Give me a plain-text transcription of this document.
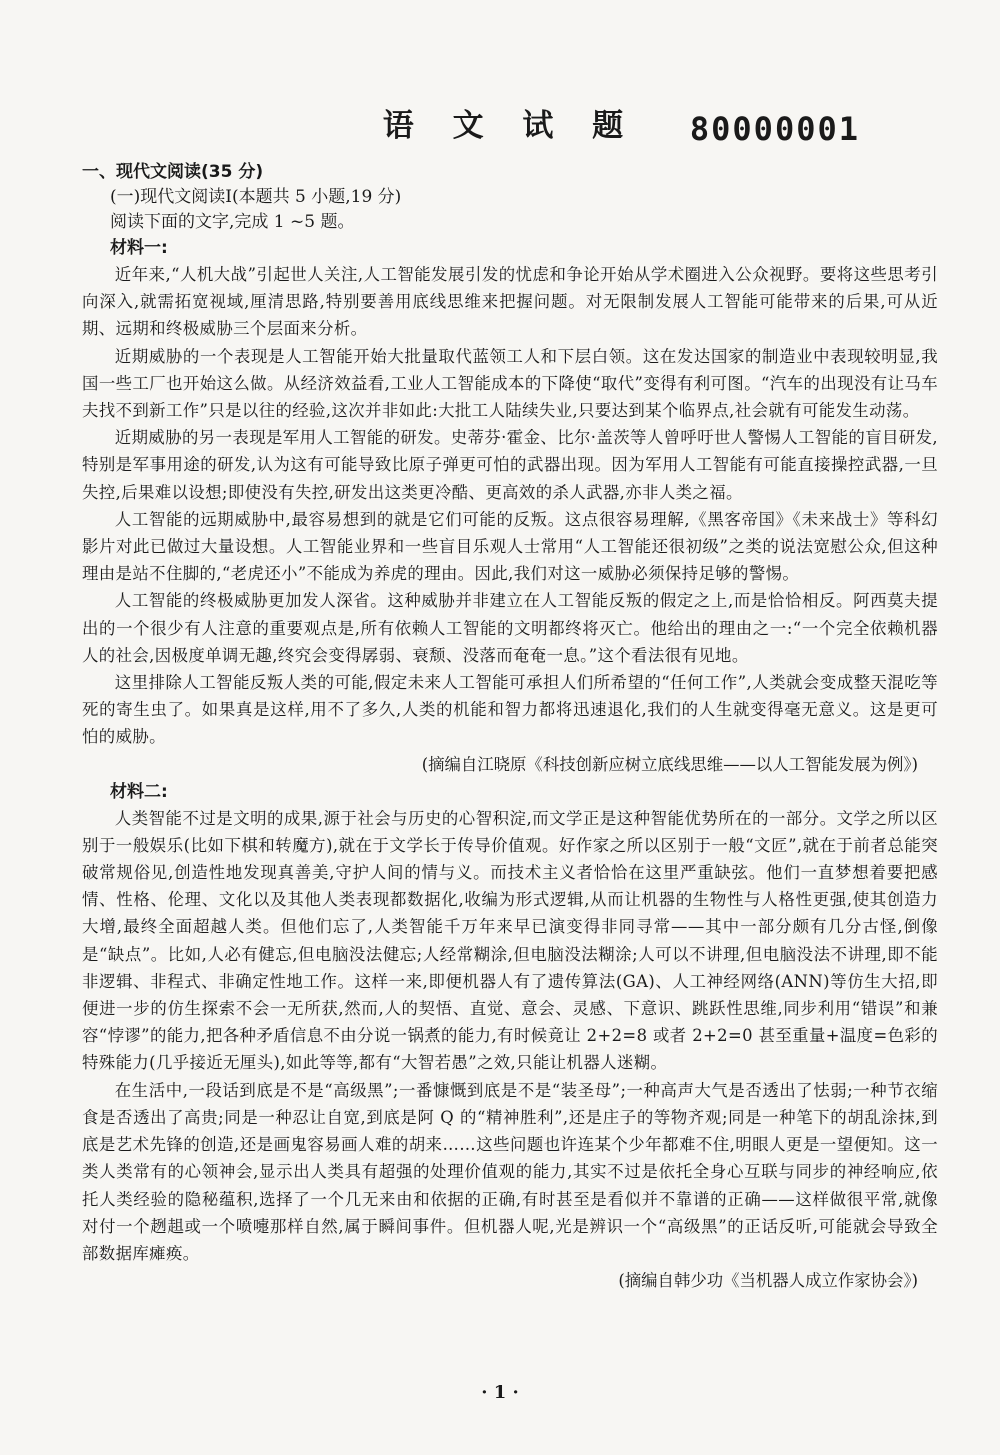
语 文 试 题	80000001

一、现代文阅读(35 分)

(一)现代文阅读Ⅰ(本题共 5 小题,19 分)

阅读下面的文字,完成 1 ~5 题。

材料一:

近年来,“人机大战”引起世人关注,人工智能发展引发的忧虑和争论开始从学术圈进入公众视野。要将这些思考引向深入,就需拓宽视域,厘清思路,特别要善用底线思维来把握问题。对无限制发展人工智能可能带来的后果,可从近期、远期和终极威胁三个层面来分析。

近期威胁的一个表现是人工智能开始大批量取代蓝领工人和下层白领。这在发达国家的制造业中表现较明显,我国一些工厂也开始这么做。从经济效益看,工业人工智能成本的下降使“取代”变得有利可图。“汽车的出现没有让马车夫找不到新工作”只是以往的经验,这次并非如此:大批工人陆续失业,只要达到某个临界点,社会就有可能发生动荡。

近期威胁的另一表现是军用人工智能的研发。史蒂芬·霍金、比尔·盖茨等人曾呼吁世人警惕人工智能的盲目研发,特别是军事用途的研发,认为这有可能导致比原子弹更可怕的武器出现。因为军用人工智能有可能直接操控武器,一旦失控,后果难以设想;即使没有失控,研发出这类更冷酷、更高效的杀人武器,亦非人类之福。

人工智能的远期威胁中,最容易想到的就是它们可能的反叛。这点很容易理解,《黑客帝国》《未来战士》等科幻影片对此已做过大量设想。人工智能业界和一些盲目乐观人士常用“人工智能还很初级”之类的说法宽慰公众,但这种理由是站不住脚的,“老虎还小”不能成为养虎的理由。因此,我们对这一威胁必须保持足够的警惕。

人工智能的终极威胁更加发人深省。这种威胁并非建立在人工智能反叛的假定之上,而是恰恰相反。阿西莫夫提出的一个很少有人注意的重要观点是,所有依赖人工智能的文明都终将灭亡。他给出的理由之一:“一个完全依赖机器人的社会,因极度单调无趣,终究会变得孱弱、衰颓、没落而奄奄一息。”这个看法很有见地。

这里排除人工智能反叛人类的可能,假定未来人工智能可承担人们所希望的“任何工作”,人类就会变成整天混吃等死的寄生虫了。如果真是这样,用不了多久,人类的机能和智力都将迅速退化,我们的人生就变得毫无意义。这是更可怕的威胁。

(摘编自江晓原《科技创新应树立底线思维——以人工智能发展为例》)

材料二:

人类智能不过是文明的成果,源于社会与历史的心智积淀,而文学正是这种智能优势所在的一部分。文学之所以区别于一般娱乐(比如下棋和转魔方),就在于文学长于传导价值观。好作家之所以区别于一般“文匠”,就在于前者总能突破常规俗见,创造性地发现真善美,守护人间的情与义。而技术主义者恰恰在这里严重缺弦。他们一直梦想着要把感情、性格、伦理、文化以及其他人类表现都数据化,收编为形式逻辑,从而让机器的生物性与人格性更强,使其创造力大增,最终全面超越人类。但他们忘了,人类智能千万年来早已演变得非同寻常——其中一部分颇有几分古怪,倒像是“缺点”。比如,人必有健忘,但电脑没法健忘;人经常糊涂,但电脑没法糊涂;人可以不讲理,但电脑没法不讲理,即不能非逻辑、非程式、非确定性地工作。这样一来,即便机器人有了遗传算法(GA)、人工神经网络(ANN)等仿生大招,即便进一步的仿生探索不会一无所获,然而,人的契悟、直觉、意会、灵感、下意识、跳跃性思维,同步利用“错误”和兼容“悖谬”的能力,把各种矛盾信息不由分说一锅煮的能力,有时候竟让 2+2=8 或者 2+2=0 甚至重量+温度=色彩的特殊能力(几乎接近无厘头),如此等等,都有“大智若愚”之效,只能让机器人迷糊。

在生活中,一段话到底是不是“高级黑”;一番慷慨到底是不是“装圣母”;一种高声大气是否透出了怯弱;一种节衣缩食是否透出了高贵;同是一种忍让自宽,到底是阿 Q 的“精神胜利”,还是庄子的等物齐观;同是一种笔下的胡乱涂抹,到底是艺术先锋的创造,还是画鬼容易画人难的胡来……这些问题也许连某个少年都难不住,明眼人更是一望便知。这一类人类常有的心领神会,显示出人类具有超强的处理价值观的能力,其实不过是依托全身心互联与同步的神经响应,依托人类经验的隐秘蕴积,选择了一个几无来由和依据的正确,有时甚至是看似并不靠谱的正确——这样做很平常,就像对付一个趔趄或一个喷嚏那样自然,属于瞬间事件。但机器人呢,光是辨识一个“高级黑”的正话反听,可能就会导致全部数据库瘫痪。

(摘编自韩少功《当机器人成立作家协会》)

· 1 ·
